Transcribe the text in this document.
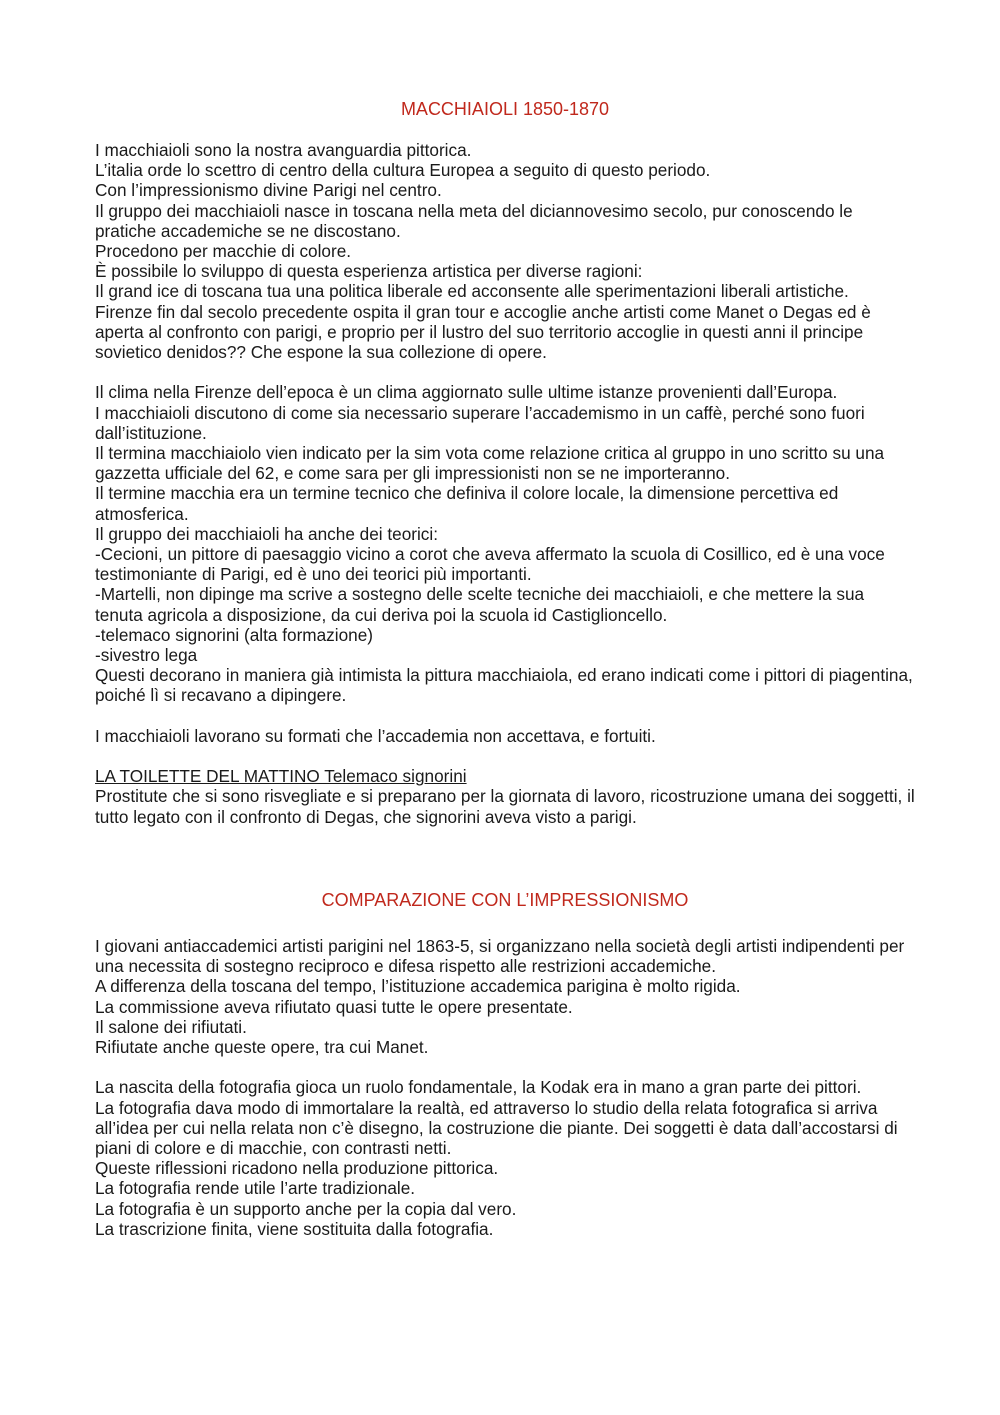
MACCHIAIOLI 1850-1870

I macchiaioli sono la nostra avanguardia pittorica.

L’italia orde lo scettro di centro della cultura Europea a seguito di questo periodo.

Con l’impressionismo divine Parigi nel centro.

Il gruppo dei macchiaioli nasce in toscana nella meta del diciannovesimo secolo, pur conoscendo le pratiche accademiche se ne discostano.

Procedono per macchie di colore.

È possibile lo sviluppo di questa esperienza artistica per diverse ragioni:

Il grand ice di toscana tua una politica liberale ed acconsente alle sperimentazioni liberali artistiche.

Firenze fin dal secolo precedente ospita il gran tour e accoglie anche artisti come Manet o Degas ed è aperta al confronto con parigi, e proprio per il lustro del suo territorio accoglie in questi anni il principe sovietico denidos?? Che espone la sua collezione di opere.

Il clima nella Firenze dell’epoca è un clima aggiornato sulle ultime istanze provenienti dall’Europa.

I macchiaioli discutono di come sia necessario superare l’accademismo in un caffè, perché sono fuori dall’istituzione.

Il termina macchiaiolo vien indicato per la sim vota come relazione critica al gruppo in uno scritto su una gazzetta ufficiale del 62, e come sara per gli impressionisti non se ne importeranno.

Il termine macchia era un termine tecnico che definiva il colore locale, la dimensione percettiva ed atmosferica.

Il gruppo dei macchiaioli ha anche dei teorici:

-Cecioni, un pittore di paesaggio vicino a corot che aveva affermato la scuola di Cosillico, ed è una voce testimoniante di Parigi, ed è uno dei teorici più importanti.

-Martelli, non dipinge ma scrive a sostegno delle scelte tecniche dei macchiaioli, e che mettere la sua tenuta agricola a disposizione, da cui deriva poi la scuola id Castiglioncello.

-telemaco signorini (alta formazione)

-sivestro lega

Questi decorano in maniera già intimista la pittura macchiaiola, ed erano indicati come i pittori di piagentina, poiché lì si recavano a dipingere.

I macchiaioli lavorano su formati che l’accademia non accettava, e fortuiti.

LA TOILETTE DEL MATTINO Telemaco signorini

Prostitute che si sono risvegliate e si preparano per la giornata di lavoro, ricostruzione umana dei soggetti, il tutto legato con il confronto di Degas, che signorini aveva visto a parigi.

COMPARAZIONE CON L’IMPRESSIONISMO

I giovani antiaccademici artisti parigini nel 1863-5, si organizzano nella società degli artisti indipendenti per una necessita di sostegno reciproco e difesa rispetto alle restrizioni accademiche.

A differenza della toscana del tempo, l’istituzione accademica parigina è molto rigida.

La commissione aveva rifiutato quasi tutte le opere presentate.

Il salone dei rifiutati.

Rifiutate anche queste opere, tra cui Manet.

La nascita della fotografia gioca un ruolo fondamentale, la Kodak era in mano a gran parte dei pittori.

La fotografia dava modo di immortalare la realtà, ed attraverso lo studio della relata fotografica si arriva all’idea per cui nella relata non c’è disegno, la costruzione die piante. Dei soggetti è data dall’accostarsi di piani di colore e di macchie, con contrasti netti.

Queste riflessioni ricadono nella produzione pittorica.

La fotografia rende utile l’arte tradizionale.

La fotografia è un supporto anche per la copia dal vero.

La trascrizione finita, viene sostituita dalla fotografia.
